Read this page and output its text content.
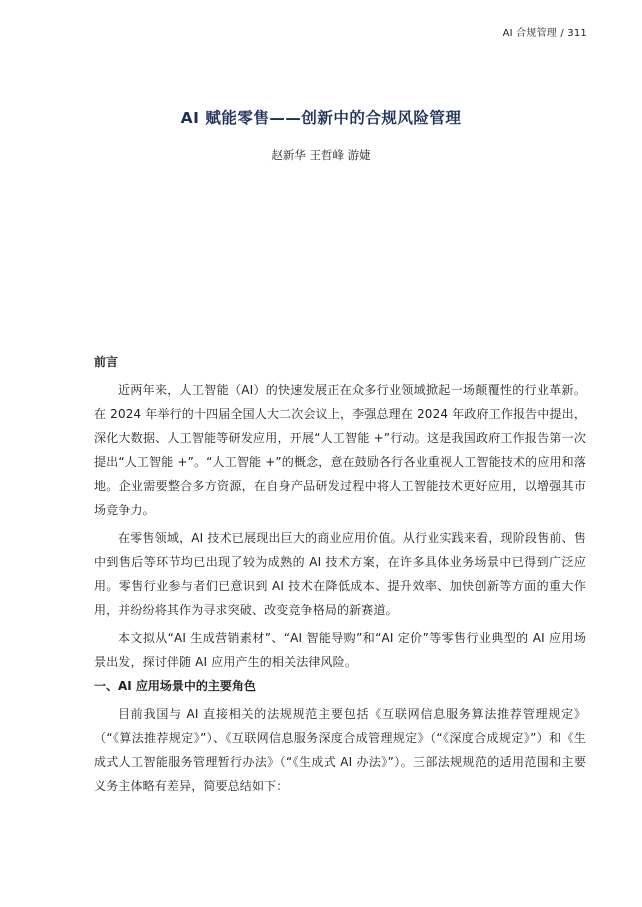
AI 合规管理 / 311
AI 赋能零售——创新中的合规风险管理
赵新华 王哲峰 游婕

前言

近两年来，人工智能（AI）的快速发展正在众多行业领域掀起一场颠覆性的行业革新。在 2024 年举行的十四届全国人大二次会议上，李强总理在 2024 年政府工作报告中提出，深化大数据、人工智能等研发应用，开展“人工智能 +”行动。这是我国政府工作报告第一次提出“人工智能 +”。“人工智能 +”的概念，意在鼓励各行各业重视人工智能技术的应用和落地。企业需要整合多方资源，在自身产品研发过程中将人工智能技术更好应用，以增强其市场竞争力。

在零售领域，AI 技术已展现出巨大的商业应用价值。从行业实践来看，现阶段售前、售中到售后等环节均已出现了较为成熟的 AI 技术方案，在许多具体业务场景中已得到广泛应用。零售行业参与者们已意识到 AI 技术在降低成本、提升效率、加快创新等方面的重大作用，并纷纷将其作为寻求突破、改变竞争格局的新赛道。

本文拟从“AI 生成营销素材”、“AI 智能导购”和“AI 定价”等零售行业典型的 AI 应用场景出发，探讨伴随 AI 应用产生的相关法律风险。

一、AI 应用场景中的主要角色

目前我国与 AI 直接相关的法规规范主要包括《互联网信息服务算法推荐管理规定》（“《算法推荐规定》”）、《互联网信息服务深度合成管理规定》（“《深度合成规定》”）和《生成式人工智能服务管理暂行办法》（“《生成式 AI 办法》”）。三部法规规范的适用范围和主要义务主体略有差异，简要总结如下：
